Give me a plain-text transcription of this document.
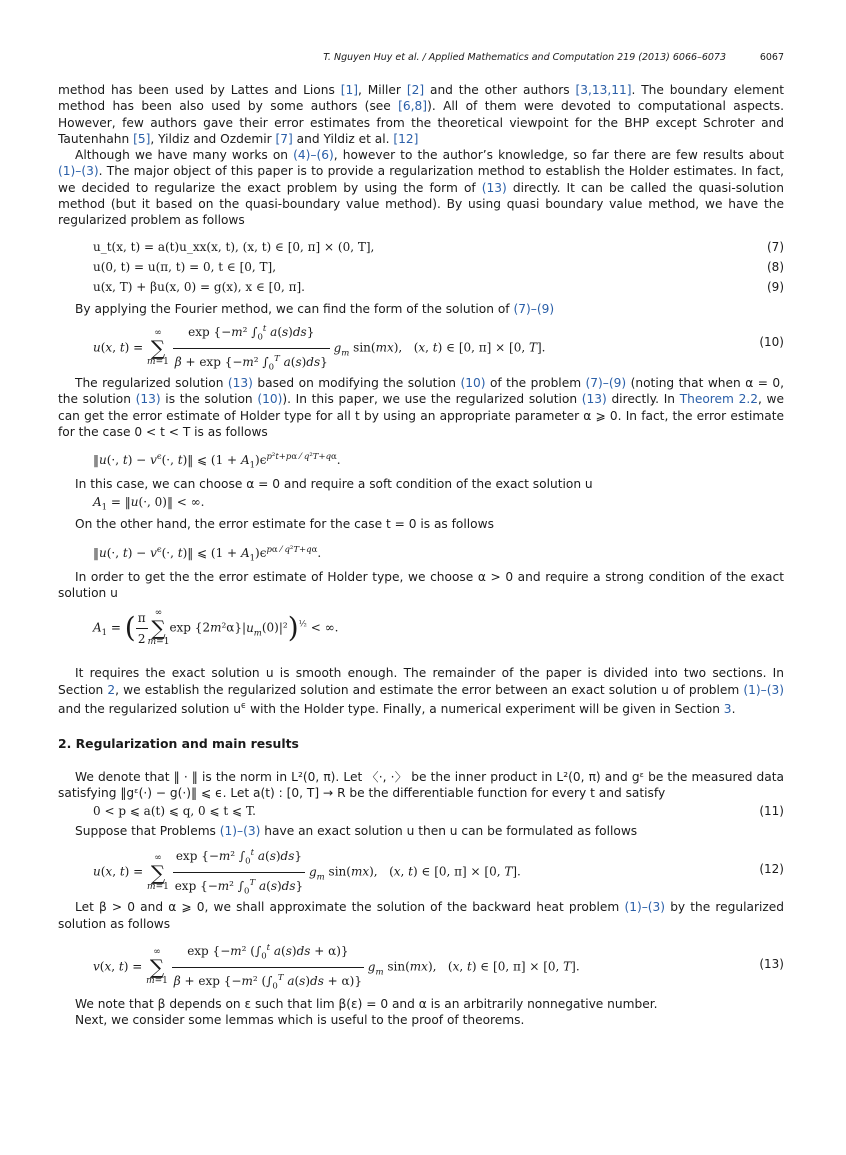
T. Nguyen Huy et al. / Applied Mathematics and Computation 219 (2013) 6066–6073	6067

method has been used by Lattes and Lions [1], Miller [2] and the other authors [3,13,11]. The boundary element method has been also used by some authors (see [6,8]). All of them were devoted to computational aspects. However, few authors gave their error estimates from the theoretical viewpoint for the BHP except Schroter and Tautenhahn [5], Yildiz and Ozdemir [7] and Yildiz et al. [12]

Although we have many works on (4)–(6), however to the author’s knowledge, so far there are few results about (1)–(3). The major object of this paper is to provide a regularization method to establish the Holder estimates. In fact, we decided to regularize the exact problem by using the form of (13) directly. It can be called the quasi-solution method (but it based on the quasi-boundary value method). By using quasi boundary value method, we have the regularized problem as follows

u_t(x, t) = a(t)u_xx(x, t), (x, t) ∈ [0, π] × (0, T],	(7)
u(0, t) = u(π, t) = 0, t ∈ [0, T],	(8)
u(x, T) + βu(x, 0) = g(x), x ∈ [0, π].	(9)

By applying the Fourier method, we can find the form of the solution of (7)–(9)

u(x, t) = ∞
∑
$m=1 \frac{\exp \{-m^2 \int_0^t a(s)ds\}}{\beta + \exp \{-m^2 \int_0^T a(s)ds\}} g_m$ sin(mx),   (x, t) ∈ [0, π] × [0, T].	(10)

The regularized solution (13) based on modifying the solution (10) of the problem (7)–(9) (noting that when α = 0, the solution (13) is the solution (10)). In this paper, we use the regularized solution (13) directly. In Theorem 2.2, we can get the error estimate of Holder type for all t by using an appropriate parameter α ⩾ 0. In fact, the error estimate for the case 0 < t < T is as follows

‖u(·, $t) - v^\epsilon(\cdot$, t)‖ ⩽ $(1 + A_1)\epsilon^{p^2t+p\alpha ⁄ q^2T+q\alpha}$.

In this case, we can choose α = 0 and require a soft condition of the exact solution u

$A_1$ = ‖u(·, 0)‖ < ∞.

On the other hand, the error estimate for the case t = 0 is as follows

‖u(·, $t) - v^\epsilon(\cdot$, t)‖ ⩽ $(1 + A_1)\epsilon^{p\alpha ⁄ q^2T+q\alpha}$.

In order to get the the error estimate of Holder type, we choose α > 0 and require a strong condition of the exact solution u

$A_1$ = ( $\frac{\pi}{2}$ ∞
∑
m=1exp $\{2m^2\alpha\}|u_m(0)|^2)^{\frac{1}{2}}$ < ∞.

It requires the exact solution u is smooth enough. The remainder of the paper is divided into two sections. In Section 2, we establish the regularized solution and estimate the error between an exact solution u of problem (1)–(3) and the regularized solution $u^\epsilon$ with the Holder type. Finally, a numerical experiment will be given in Section 3.

2. Regularization and main results

We denote that ‖ · ‖ is the norm in L²(0, π). Let 〈·, ·〉 be the inner product in L²(0, π) and gᵋ be the measured data satisfying ‖gᵋ(·) − g(·)‖ ⩽ ϵ. Let a(t) : [0, T] → R be the differentiable function for every t and satisfy

0 < p ⩽ a(t) ⩽ q, 0 ⩽ t ⩽ T.	(11)

Suppose that Problems (1)–(3) have an exact solution u then u can be formulated as follows

u(x, t) = ∞
∑
$m=1 \frac{\exp \{-m^2 \int_0^t a(s)ds\}}{\exp \{-m^2 \int_0^T a(s)ds\}} g_m$ sin(mx),   (x, t) ∈ [0, π] × [0, T].	(12)

Let β > 0 and α ⩾ 0, we shall approximate the solution of the backward heat problem (1)–(3) by the regularized solution as follows

v(x, t) = ∞
∑
$m=1 \frac{\exp \{-m^2 (\int_0^t a(s)ds + \alpha)\}}{\beta + \exp \{-m^2 (\int_0^T a(s)ds + \alpha)\}} g_m$ sin(mx),   (x, t) ∈ [0, π] × [0, T].	(13)

We note that β depends on ε such that lim β(ε) = 0 and α is an arbitrarily nonnegative number.

Next, we consider some lemmas which is useful to the proof of theorems.
